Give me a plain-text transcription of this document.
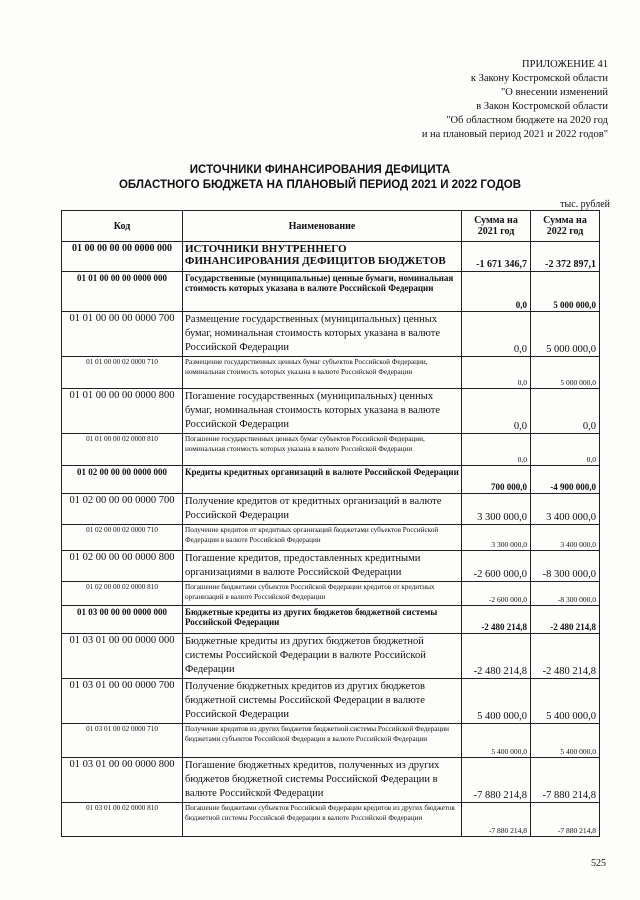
ПРИЛОЖЕНИЕ 41
к Закону Костромской области
"О внесении изменений
в Закон Костромской области
"Об областном бюджете на 2020 год
и на плановый период 2021 и 2022 годов"
ИСТОЧНИКИ ФИНАНСИРОВАНИЯ ДЕФИЦИТА
ОБЛАСТНОГО БЮДЖЕТА НА ПЛАНОВЫЙ ПЕРИОД 2021 И 2022 ГОДОВ
тыс. рублей
Код	Наименование	Сумма на 2021 год	Сумма на 2022 год
01 00 00 00 00 0000 000	ИСТОЧНИКИ ВНУТРЕННЕГО ФИНАНСИРОВАНИЯ ДЕФИЦИТОВ БЮДЖЕТОВ	-1 671 346,7	-2 372 897,1
01 01 00 00 00 0000 000	Государственные (муниципальные) ценные бумаги, номинальная стоимость которых указана в валюте Российской Федерации	0,0	5 000 000,0
01 01 00 00 00 0000 700	Размещение государственных (муниципальных) ценных бумаг, номинальная стоимость которых указана в валюте Российской Федерации	0,0	5 000 000,0
01 01 00 00 02 0000 710	Размещение государственных ценных бумаг субъектов Российской Федерации, номинальная стоимость которых указана в валюте Российской Федерации	0,0	5 000 000,0
01 01 00 00 00 0000 800	Погашение государственных (муниципальных) ценных бумаг, номинальная стоимость которых указана в валюте Российской Федерации	0,0	0,0
01 01 00 00 02 0000 810	Погашение государственных ценных бумаг субъектов Российской Федерации, номинальная стоимость которых указана в валюте Российской Федерации	0,0	0,0
01 02 00 00 00 0000 000	Кредиты кредитных организаций в валюте Российской Федерации	700 000,0	-4 900 000,0
01 02 00 00 00 0000 700	Получение кредитов от кредитных организаций в валюте Российской Федерации	3 300 000,0	3 400 000,0
01 02 00 00 02 0000 710	Получение кредитов от кредитных организаций бюджетами субъектов Российской Федерации в валюте Российской Федерации	3 300 000,0	3 400 000,0
01 02 00 00 00 0000 800	Погашение кредитов, предоставленных кредитными организациями в валюте Российской Федерации	-2 600 000,0	-8 300 000,0
01 02 00 00 02 0000 810	Погашение бюджетами субъектов Российской Федерации кредитов от кредитных организаций в валюте Российской Федерации	-2 600 000,0	-8 300 000,0
01 03 00 00 00 0000 000	Бюджетные кредиты из других бюджетов бюджетной системы Российской Федерации	-2 480 214,8	-2 480 214,8
01 03 01 00 00 0000 000	Бюджетные кредиты из других бюджетов бюджетной системы Российской Федерации в валюте Российской Федерации	-2 480 214,8	-2 480 214,8
01 03 01 00 00 0000 700	Получение бюджетных кредитов из других бюджетов бюджетной системы Российской Федерации в валюте Российской Федерации	5 400 000,0	5 400 000,0
01 03 01 00 02 0000 710	Получение кредитов из других бюджетов бюджетной системы Российской Федерации бюджетами субъектов Российской Федерации в валюте Российской Федерации	5 400 000,0	5 400 000,0
01 03 01 00 00 0000 800	Погашение бюджетных кредитов, полученных из других бюджетов бюджетной системы Российской Федерации в валюте Российской Федерации	-7 880 214,8	-7 880 214,8
01 03 01 00 02 0000 810	Погашение бюджетами субъектов Российской Федерации кредитов из других бюджетов бюджетной системы Российской Федерации в валюте Российской Федерации	-7 880 214,8	-7 880 214,8
525
